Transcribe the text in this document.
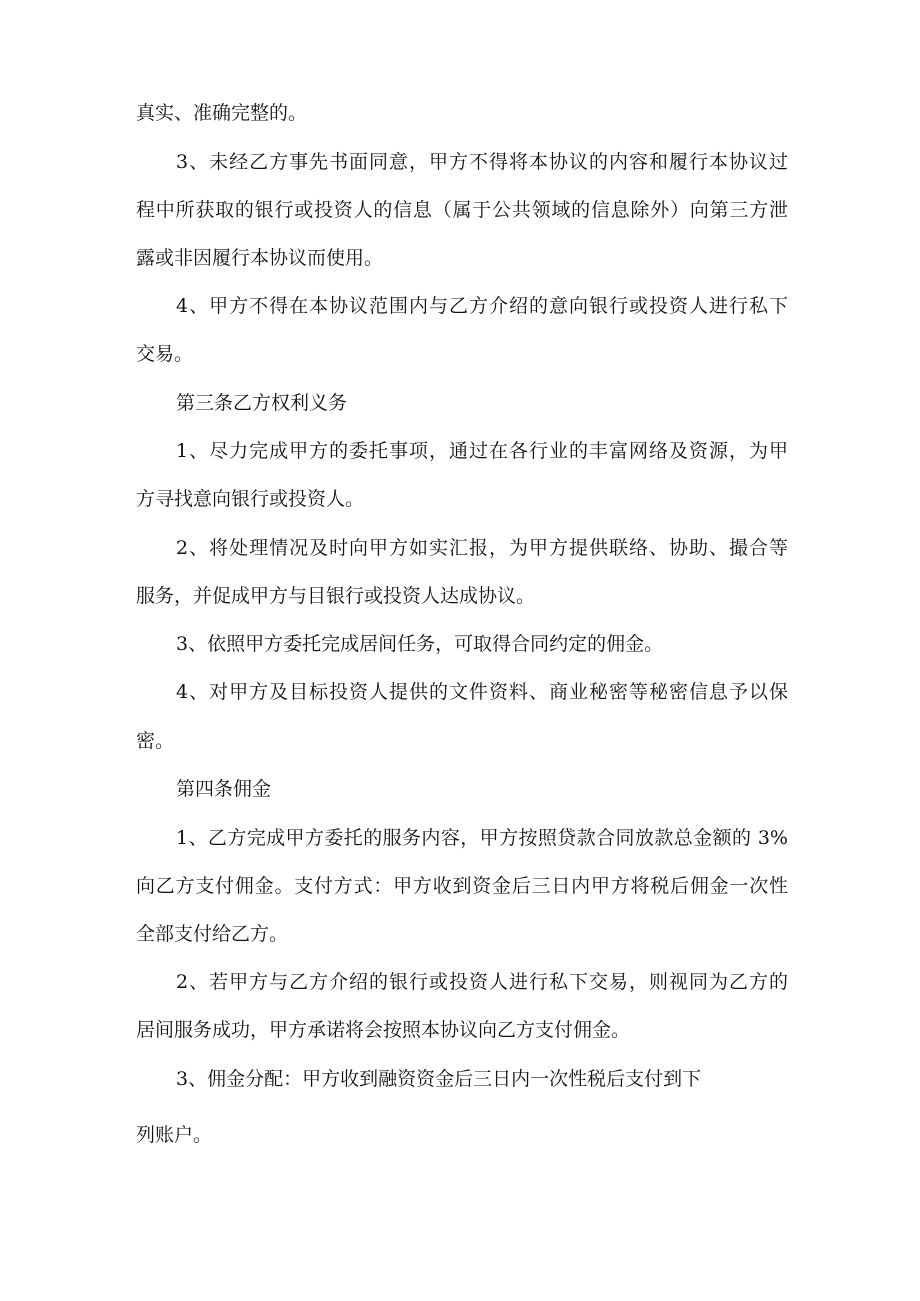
真实、准确完整的。
3、未经乙方事先书面同意，甲方不得将本协议的内容和履行本协议过
程中所获取的银行或投资人的信息（属于公共领域的信息除外）向第三方泄
露或非因履行本协议而使用。
4、甲方不得在本协议范围内与乙方介绍的意向银行或投资人进行私下
交易。
第三条乙方权利义务
1、尽力完成甲方的委托事项，通过在各行业的丰富网络及资源，为甲
方寻找意向银行或投资人。
2、将处理情况及时向甲方如实汇报，为甲方提供联络、协助、撮合等
服务，并促成甲方与目银行或投资人达成协议。
3、依照甲方委托完成居间任务，可取得合同约定的佣金。
4、对甲方及目标投资人提供的文件资料、商业秘密等秘密信息予以保
密。
第四条佣金
1、乙方完成甲方委托的服务内容，甲方按照贷款合同放款总金额的 3%
向乙方支付佣金。支付方式：甲方收到资金后三日内甲方将税后佣金一次性
全部支付给乙方。
2、若甲方与乙方介绍的银行或投资人进行私下交易，则视同为乙方的
居间服务成功，甲方承诺将会按照本协议向乙方支付佣金。
3、佣金分配：甲方收到融资资金后三日内一次性税后支付到下
列账户。
